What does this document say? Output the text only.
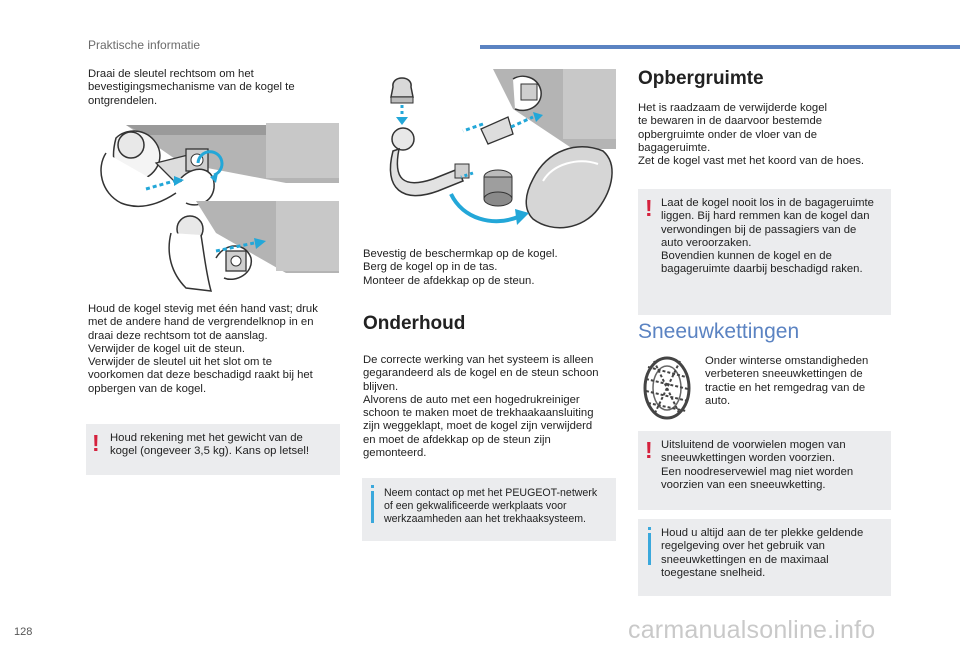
Praktische informatie
Draai de sleutel rechtsom om het
bevestigingsmechanisme van de kogel te
ontgrendelen.
Houd de kogel stevig met één hand vast; druk
met de andere hand de vergrendelknop in en
draai deze rechtsom tot de aanslag.
Verwijder de kogel uit de steun.
Verwijder de sleutel uit het slot om te
voorkomen dat deze beschadigd raakt bij het
opbergen van de kogel.
! Houd rekening met het gewicht van de
kogel (ongeveer 3,5 kg). Kans op letsel!

Bevestig de beschermkap op de kogel.
Berg de kogel op in de tas.
Monteer de afdekkap op de steun.
Onderhoud
De correcte werking van het systeem is alleen
gegarandeerd als de kogel en de steun schoon
blijven.
Alvorens de auto met een hogedrukreiniger
schoon te maken moet de trekhaakaansluiting
zijn weggeklapt, moet de kogel zijn verwijderd
en moet de afdekkap op de steun zijn
gemonteerd.

Neem contact op met het PEUGEOT-netwerk
of een gekwalificeerde werkplaats voor
werkzaamheden aan het trekhaaksysteem.

Opbergruimte
Het is raadzaam de verwijderde kogel
te bewaren in de daarvoor bestemde
opbergruimte onder de vloer van de
bagageruimte.
Zet de kogel vast met het koord van de hoes.
! Laat de kogel nooit los in de bagageruimte
liggen. Bij hard remmen kan de kogel dan
verwondingen bij de passagiers van de
auto veroorzaken.
Bovendien kunnen de kogel en de
bagageruimte daarbij beschadigd raken.

Sneeuwkettingen
Onder winterse omstandigheden
verbeteren sneeuwkettingen de
tractie en het remgedrag van de
auto.
! Uitsluitend de voorwielen mogen van
sneeuwkettingen worden voorzien.
Een noodreservewiel mag niet worden
voorzien van een sneeuwketting.

Houd u altijd aan de ter plekke geldende
regelgeving over het gebruik van
sneeuwkettingen en de maximaal
toegestane snelheid.

128	carmanualsonline.info
